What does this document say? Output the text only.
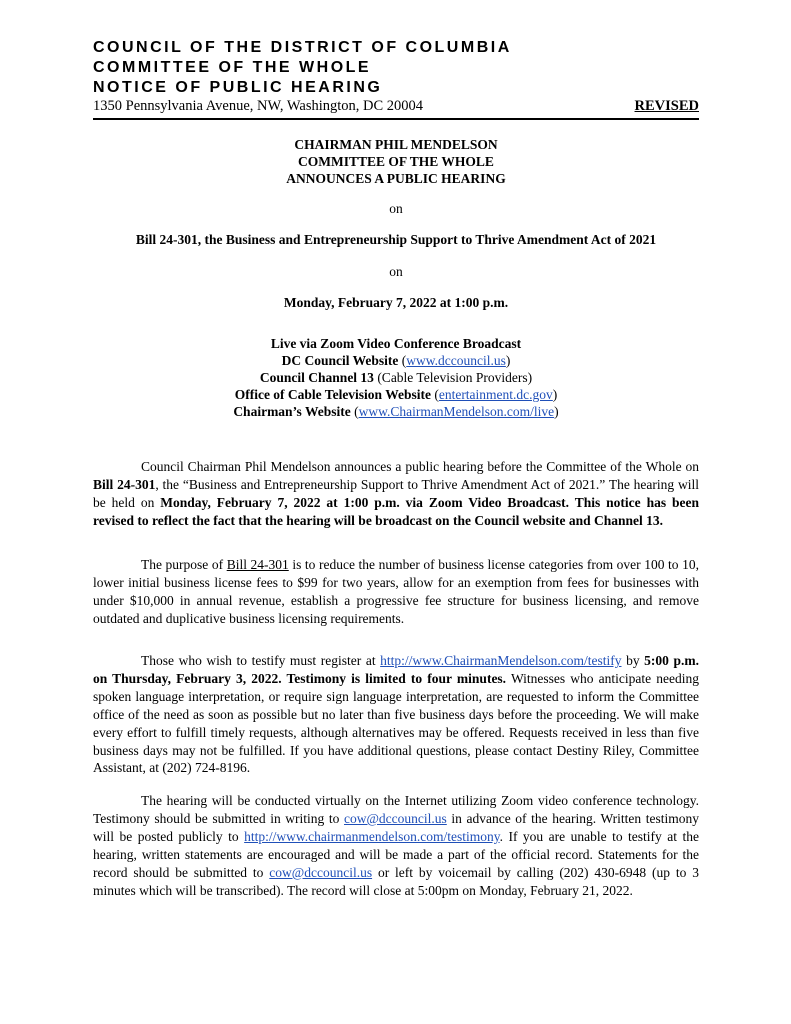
COUNCIL OF THE DISTRICT OF COLUMBIA
COMMITTEE OF THE WHOLE
NOTICE OF PUBLIC HEARING
1350 Pennsylvania Avenue, NW, Washington, DC 20004	REVISED
CHAIRMAN PHIL MENDELSON
COMMITTEE OF THE WHOLE
ANNOUNCES A PUBLIC HEARING
on
Bill 24-301, the Business and Entrepreneurship Support to Thrive Amendment Act of 2021
on
Monday, February 7, 2022 at 1:00 p.m.
Live via Zoom Video Conference Broadcast
DC Council Website (www.dccouncil.us)
Council Channel 13 (Cable Television Providers)
Office of Cable Television Website (entertainment.dc.gov)
Chairman’s Website (www.ChairmanMendelson.com/live)

Council Chairman Phil Mendelson announces a public hearing before the Committee of the Whole on Bill 24-301, the “Business and Entrepreneurship Support to Thrive Amendment Act of 2021.” The hearing will be held on Monday, February 7, 2022 at 1:00 p.m. via Zoom Video Broadcast. This notice has been revised to reflect the fact that the hearing will be broadcast on the Council website and Channel 13.

The purpose of Bill 24-301 is to reduce the number of business license categories from over 100 to 10, lower initial business license fees to $99 for two years, allow for an exemption from fees for businesses with under $10,000 in annual revenue, establish a progressive fee structure for business licensing, and remove outdated and duplicative business licensing requirements.

Those who wish to testify must register at http://www.ChairmanMendelson.com/testify by 5:00 p.m. on Thursday, February 3, 2022. Testimony is limited to four minutes. Witnesses who anticipate needing spoken language interpretation, or require sign language interpretation, are requested to inform the Committee office of the need as soon as possible but no later than five business days before the proceeding. We will make every effort to fulfill timely requests, although alternatives may be offered. Requests received in less than five business days may not be fulfilled. If you have additional questions, please contact Destiny Riley, Committee Assistant, at (202) 724-8196.

The hearing will be conducted virtually on the Internet utilizing Zoom video conference technology. Testimony should be submitted in writing to cow@dccouncil.us in advance of the hearing. Written testimony will be posted publicly to http://www.chairmanmendelson.com/testimony. If you are unable to testify at the hearing, written statements are encouraged and will be made a part of the official record. Statements for the record should be submitted to cow@dccouncil.us or left by voicemail by calling (202) 430-6948 (up to 3 minutes which will be transcribed). The record will close at 5:00pm on Monday, February 21, 2022.
